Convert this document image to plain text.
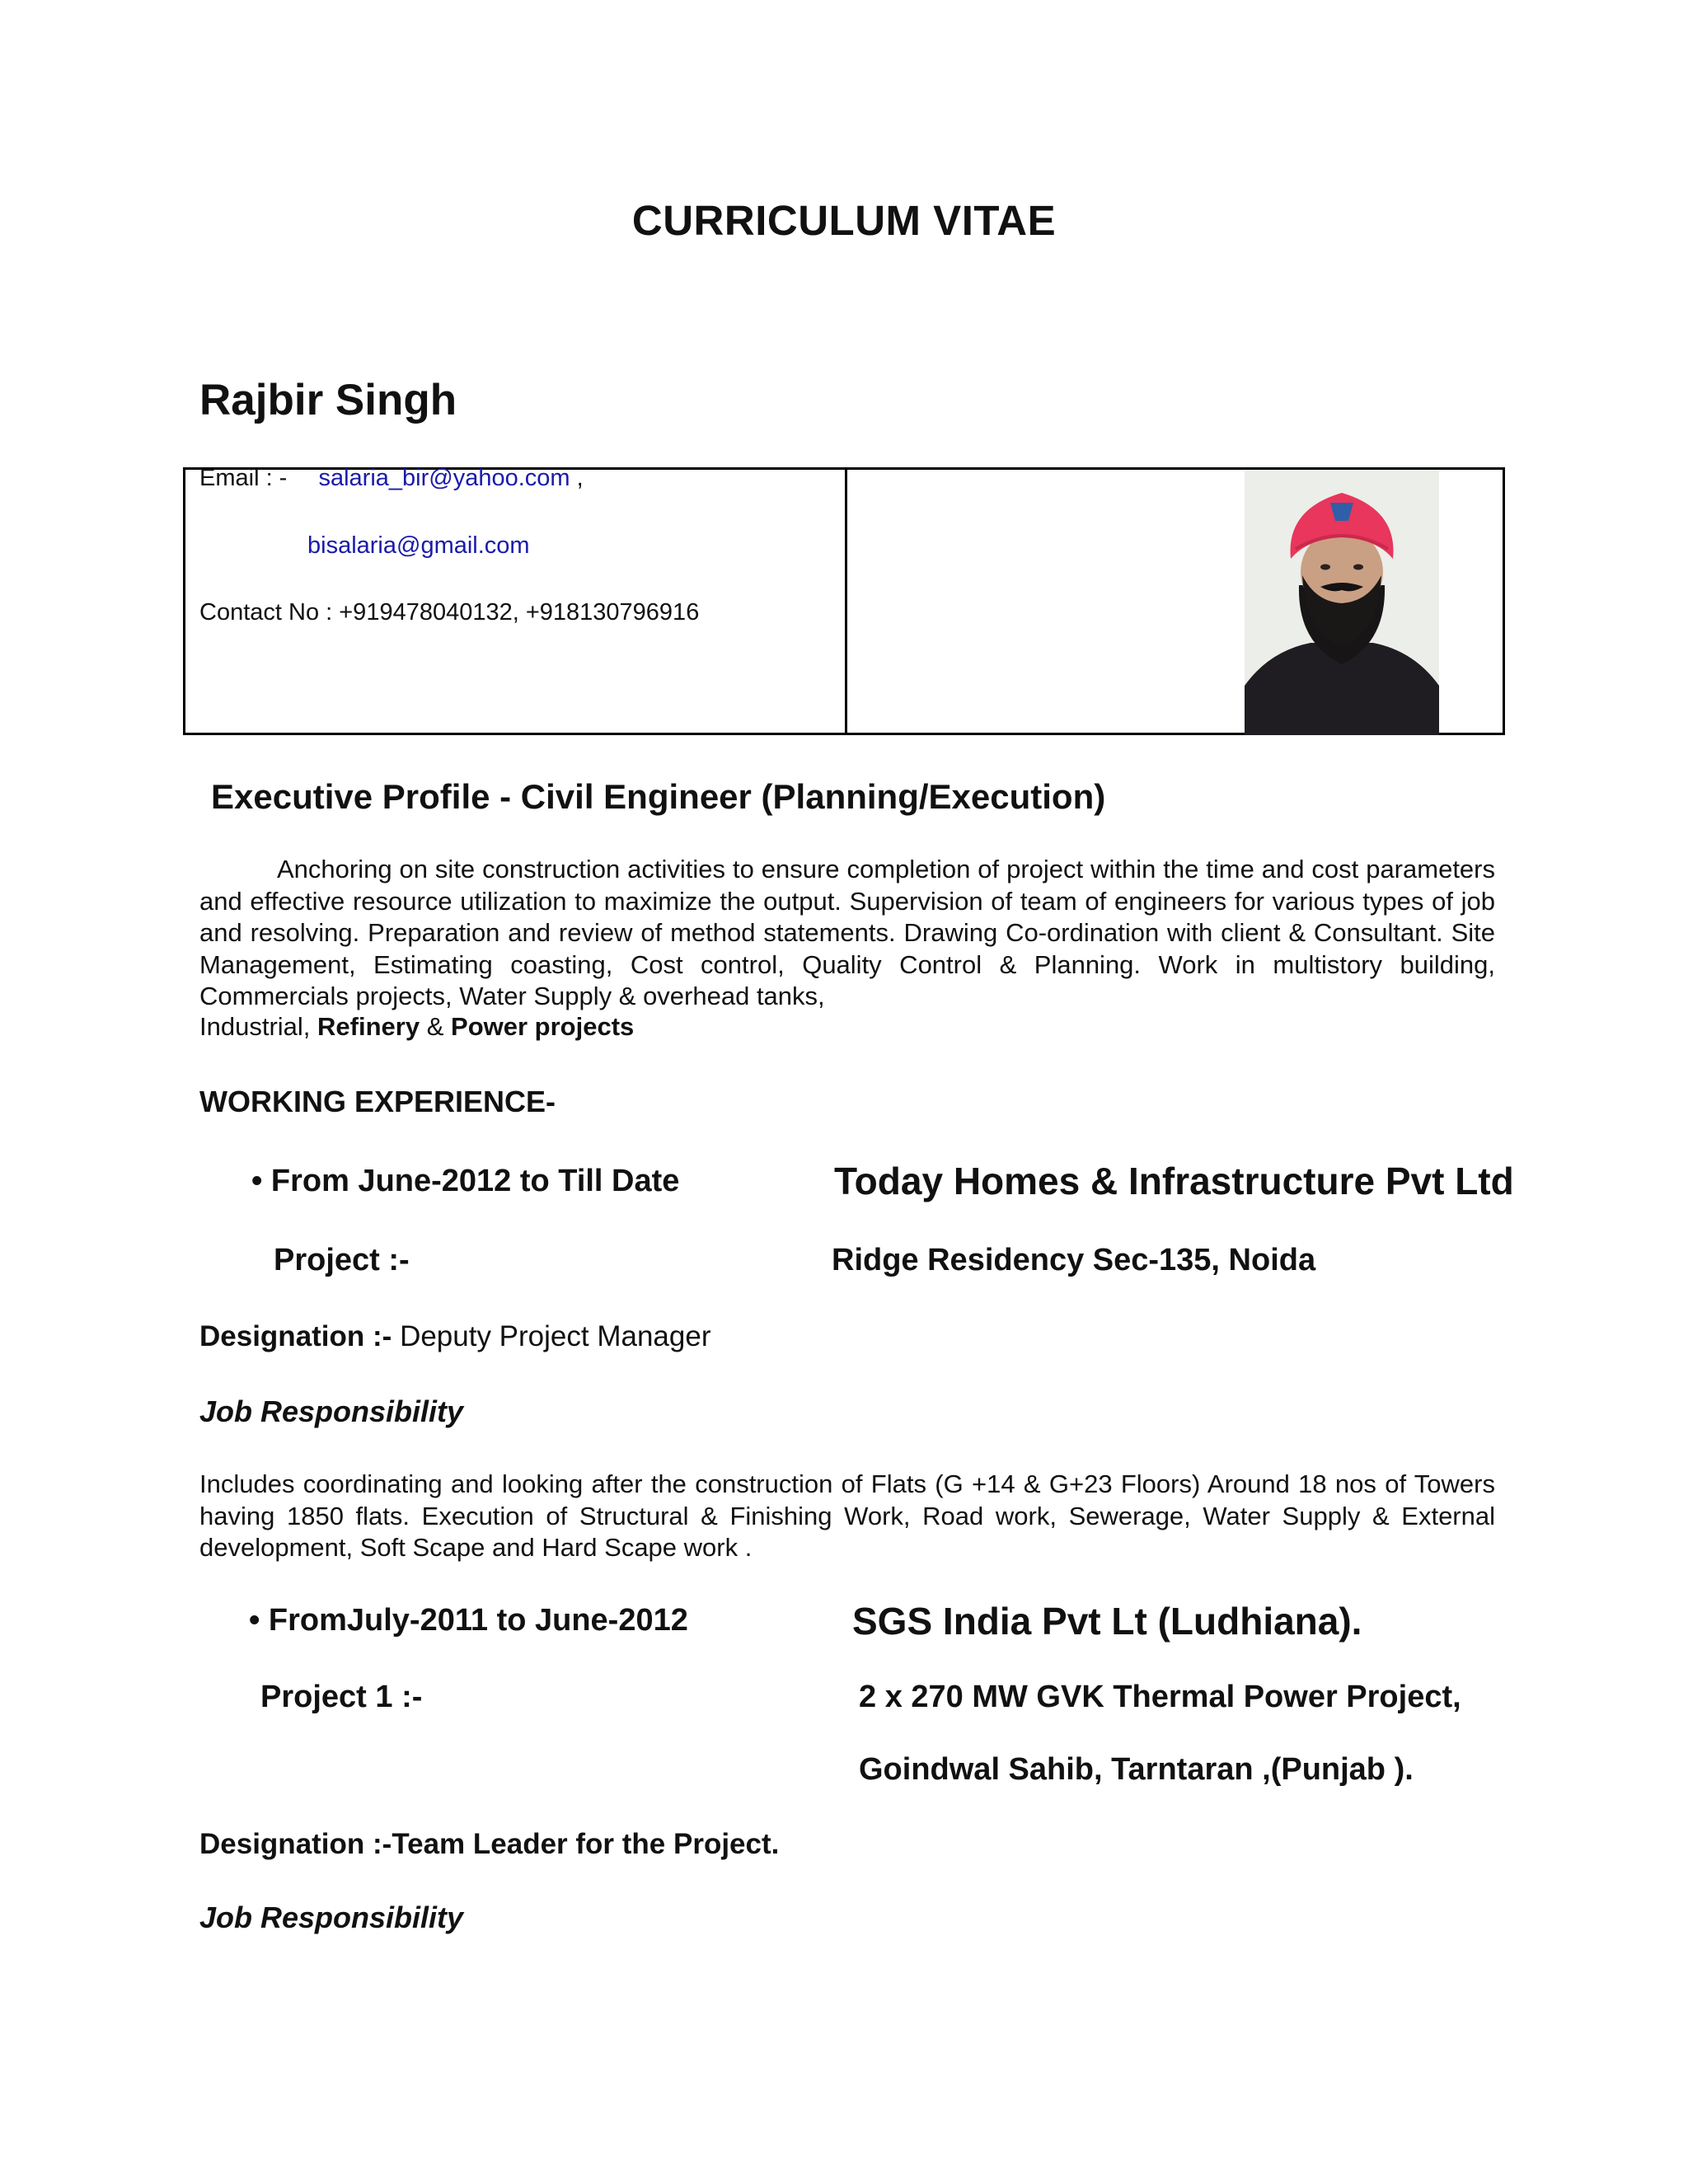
CURRICULUM VITAE
Rajbir Singh
Email : - salaria_bir@yahoo.com ,
bisalaria@gmail.com
Contact No : +919478040132, +918130796916
Executive Profile - Civil Engineer (Planning/Execution)
Anchoring on site construction activities to ensure completion of project within the time and cost parameters and effective resource utilization to maximize the output. Supervision of team of engineers for various types of job and resolving. Preparation and review of method statements. Drawing Co-ordination with client & Consultant. Site Management, Estimating coasting, Cost control, Quality Control & Planning. Work in multistory building, Commercials projects, Water Supply & overhead tanks,
Industrial, Refinery & Power projects
WORKING EXPERIENCE-
• From June-2012 to Till Date	Today Homes & Infrastructure Pvt Ltd
Project :-	Ridge Residency Sec-135, Noida
Designation :- Deputy Project Manager
Job Responsibility
Includes coordinating and looking after the construction of Flats (G +14 & G+23 Floors) Around 18 nos of Towers having 1850 flats. Execution of Structural & Finishing Work, Road work, Sewerage, Water Supply & External development, Soft Scape and Hard Scape work .
• FromJuly-2011 to June-2012	SGS India Pvt Lt (Ludhiana).
Project 1 :-	2 x 270 MW GVK Thermal Power Project,
Goindwal Sahib, Tarntaran ,(Punjab ).
Designation :-Team Leader for the Project.
Job Responsibility
